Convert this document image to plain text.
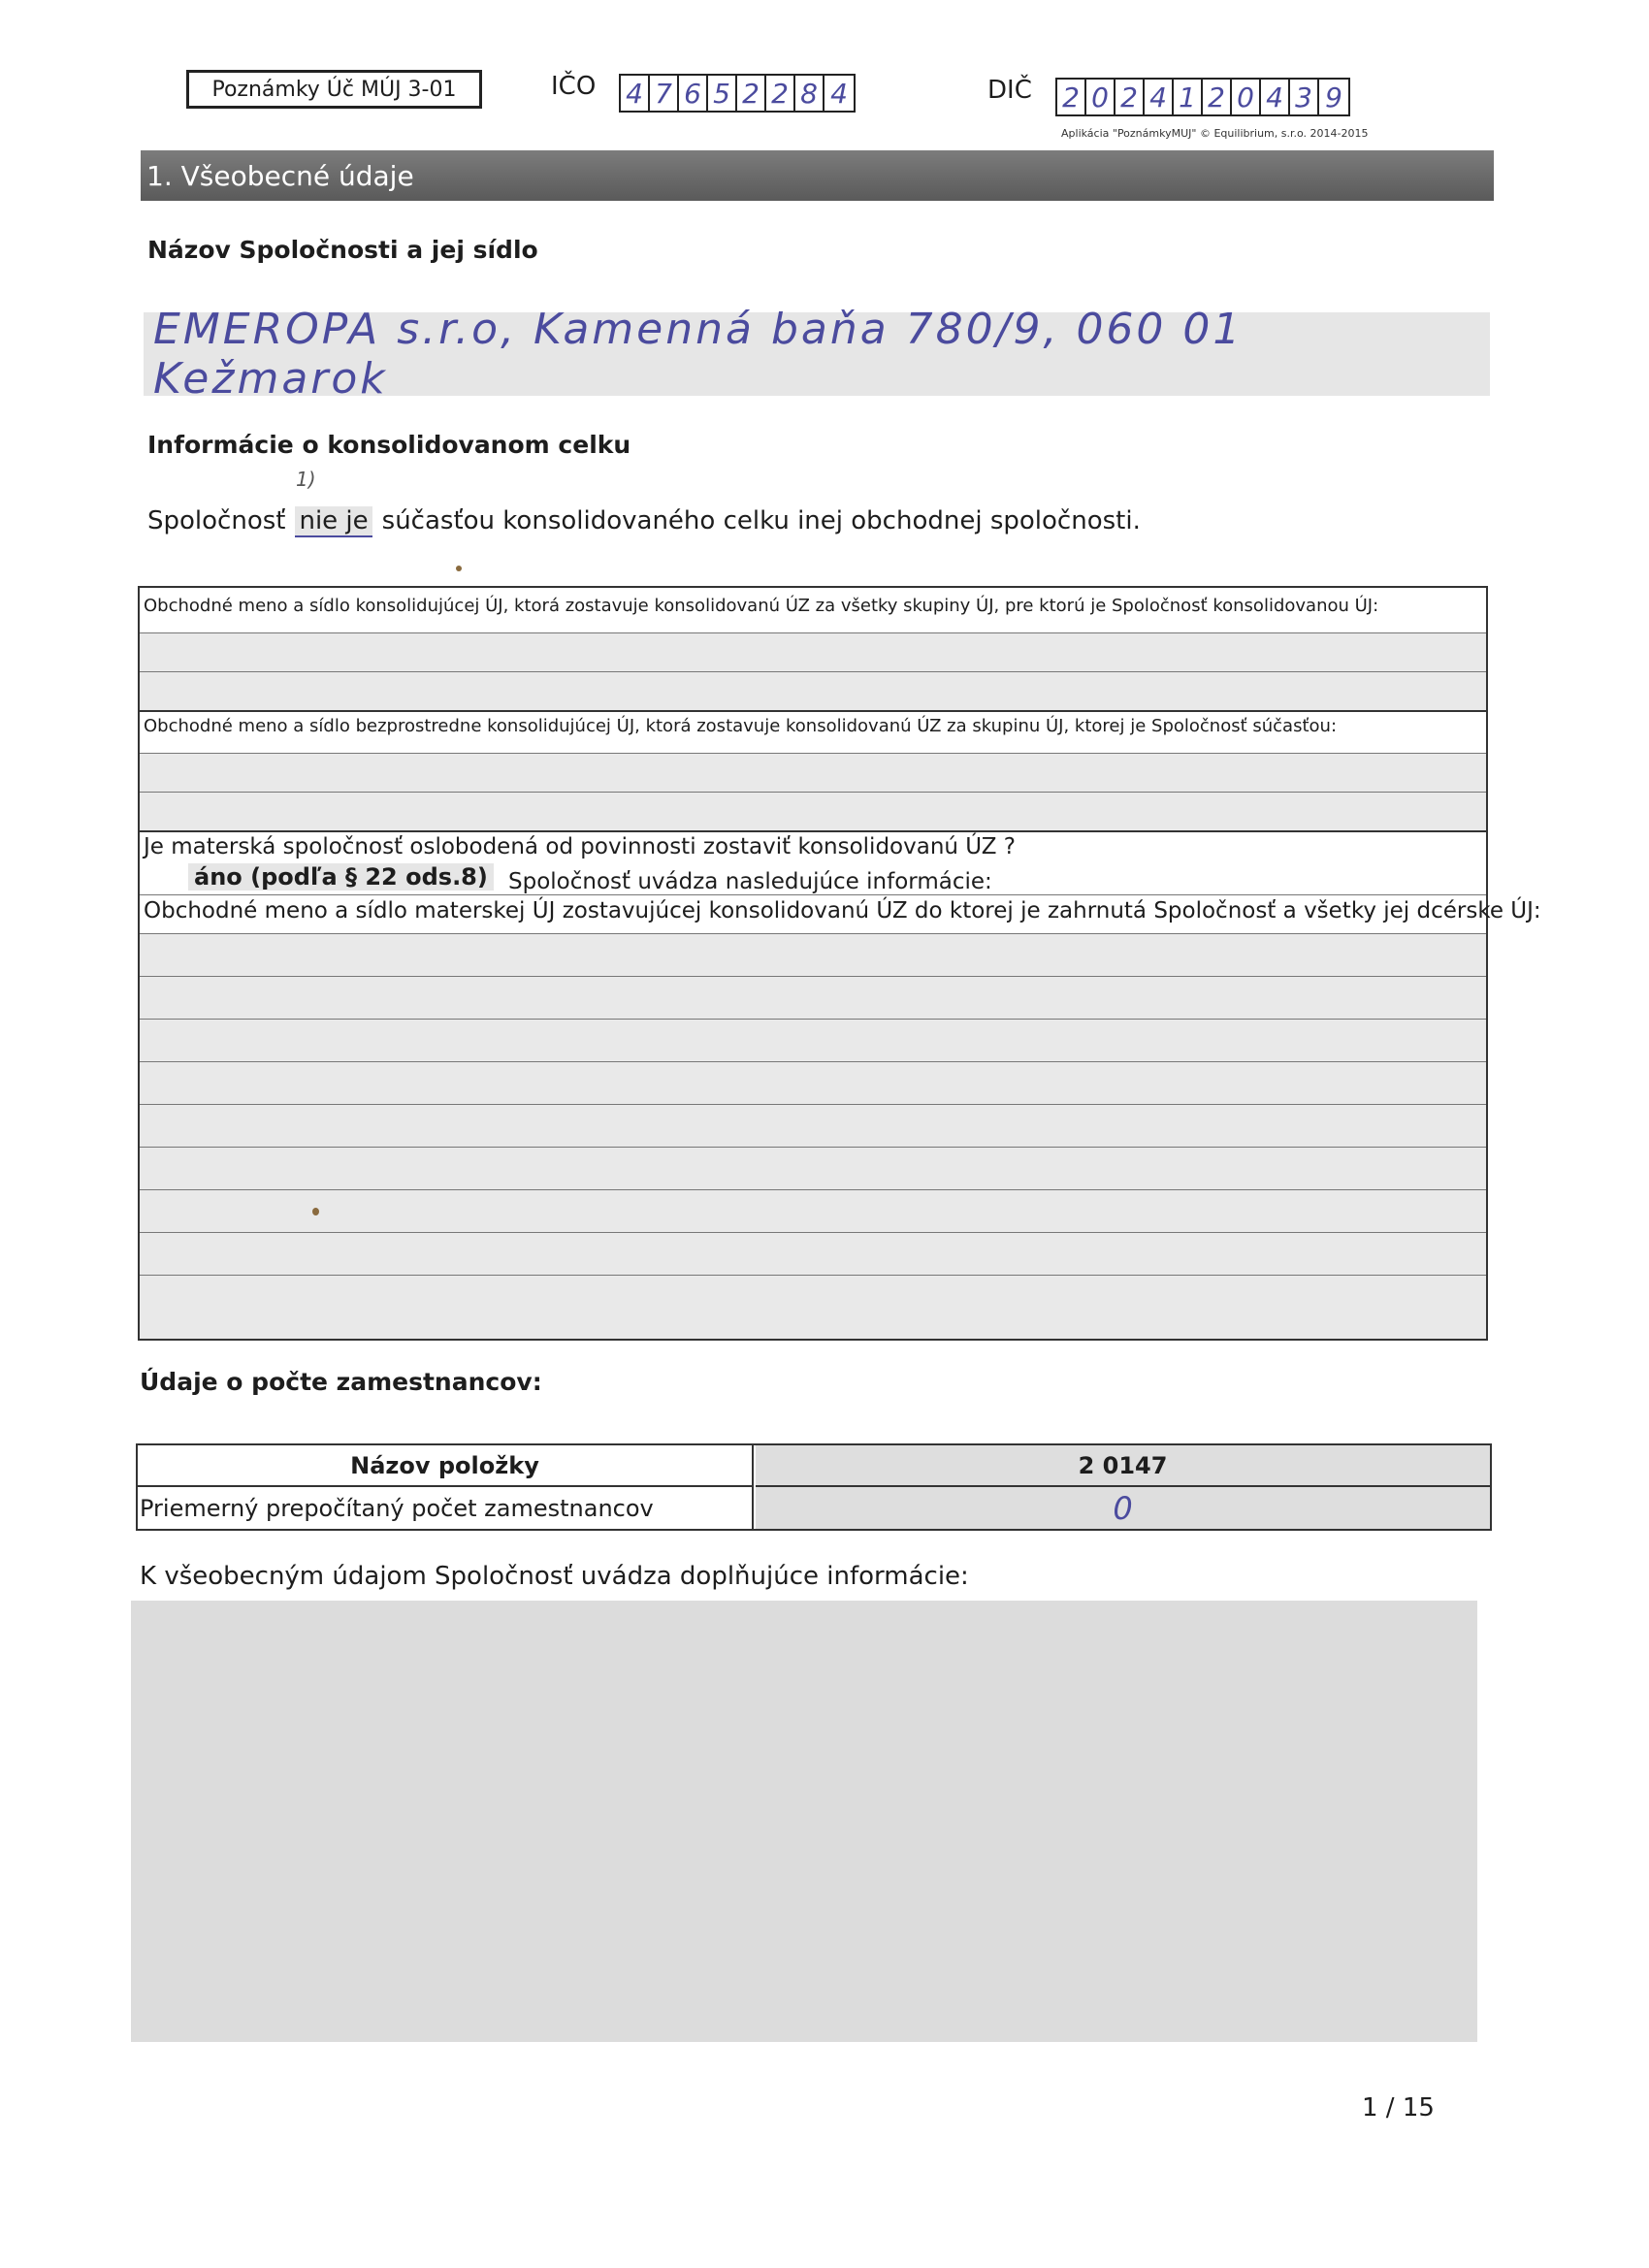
Poznámky Úč MÚJ 3-01	IČO 4 7 6 5 2 2 8 4	DIČ 2 0 2 4 1 2 0 4 3 9
Aplikácia "PoznámkyMUJ" © Equilibrium, s.r.o. 2014-2015
1. Všeobecné údaje
Názov Spoločnosti a jej sídlo
EMEROPA s.r.o, Kamenná baňa 780/9, 060 01 Kežmarok
Informácie o konsolidovanom celku
1)
Spoločnosť nie je súčasťou konsolidovaného celku inej obchodnej spoločnosti.
Obchodné meno a sídlo konsolidujúcej ÚJ, ktorá zostavuje konsolidovanú ÚZ za všetky skupiny ÚJ, pre ktorú je Spoločnosť konsolidovanou ÚJ:
Obchodné meno a sídlo bezprostredne konsolidujúcej ÚJ, ktorá zostavuje konsolidovanú ÚZ za skupinu ÚJ, ktorej je Spoločnosť súčasťou:
Je materská spoločnosť oslobodená od povinnosti zostaviť konsolidovanú ÚZ ?
áno (podľa § 22 ods.8) Spoločnosť uvádza nasledujúce informácie:
Obchodné meno a sídlo materskej ÚJ zostavujúcej konsolidovanú ÚZ do ktorej je zahrnutá Spoločnosť a všetky jej dcérske ÚJ:
Údaje o počte zamestnancov:
Názov položky	2 0147
Priemerný prepočítaný počet zamestnancov	0
K všeobecným údajom Spoločnosť uvádza doplňujúce informácie:
1 / 15
